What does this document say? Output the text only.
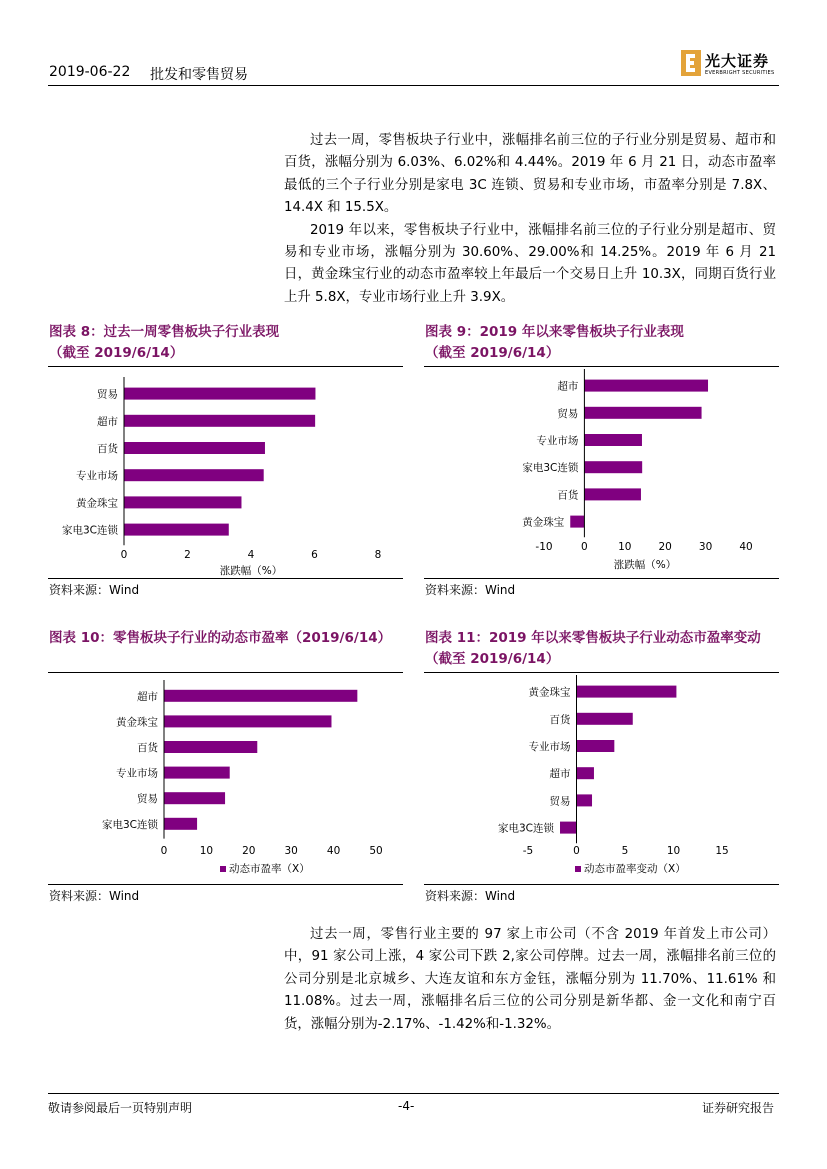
2019-06-22 批发和零售贸易
光大证券
EVERBRIGHT SECURITIES

过去一周，零售板块子行业中，涨幅排名前三位的子行业分别是贸易、超市和百货，涨幅分别为 6.03%、6.02%和 4.44%。2019 年 6 月 21 日，动态市盈率最低的三个子行业分别是家电 3C 连锁、贸易和专业市场，市盈率分别是 7.8X、14.4X 和 15.5X。

2019 年以来，零售板块子行业中，涨幅排名前三位的子行业分别是超市、贸易和专业市场，涨幅分别为 30.60%、29.00%和 14.25%。2019 年 6 月 21 日，黄金珠宝行业的动态市盈率较上年最后一个交易日上升 10.3X，同期百货行业上升 5.8X，专业市场行业上升 3.9X。

图表 8：过去一周零售板块子行业表现
（截至 2019/6/14）
贸易
超市
百货
专业市场
黄金珠宝
家电3C连锁
0	2	4	6	8
涨跌幅（%）
资料来源：Wind
图表 9：2019 年以来零售板块子行业表现
（截至 2019/6/14）
超市
贸易
专业市场
家电3C连锁
百货
黄金珠宝
-10	0	10	20	30	40
涨跌幅（%）
资料来源：Wind
图表 10：零售板块子行业的动态市盈率（2019/6/14）
超市
黄金珠宝
百货
专业市场
贸易
家电3C连锁
0	10	20	30	40	50
动态市盈率（X）
资料来源：Wind
图表 11：2019 年以来零售板块子行业动态市盈率变动
（截至 2019/6/14）
黄金珠宝
百货
专业市场
超市
贸易
家电3C连锁
-5	0	5	10	15
动态市盈率变动（X）
资料来源：Wind

过去一周，零售行业主要的 97 家上市公司（不含 2019 年首发上市公司）中，91 家公司上涨，4 家公司下跌 2,家公司停牌。过去一周，涨幅排名前三位的公司分别是北京城乡、大连友谊和东方金钰，涨幅分别为 11.70%、11.61% 和 11.08%。过去一周，涨幅排名后三位的公司分别是新华都、金一文化和南宁百货，涨幅分别为-2.17%、-1.42%和-1.32%。

敬请参阅最后一页特别声明	-4-	证券研究报告
